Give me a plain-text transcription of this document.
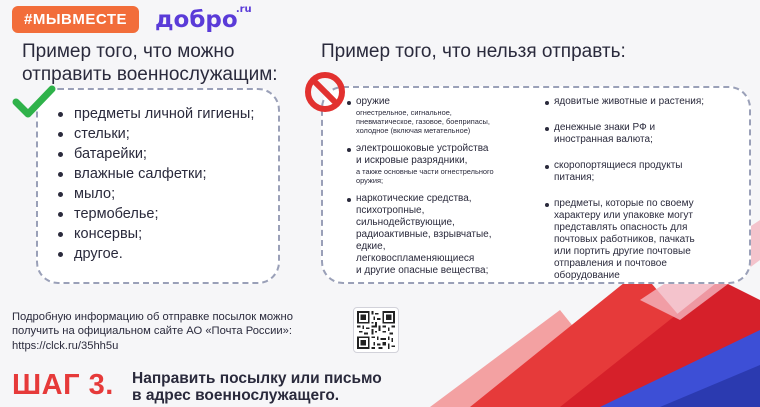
#МЫВМЕСТЕ	добро
.ru
Пример того, что можно
отправить военнослужащим:
предметы личной гигиены;
стельки;
батарейки;
влажные салфетки;
мыло;
термобелье;
консервы;
другое.
Пример того, что нельзя отправть:
оружие
огнестрельное, сигнальное,
пневматическое, газовое, боеприпасы,
холодное (включая метательное)
электрошоковые устройства
и искровые разрядники,
а также основные части огнестрельного
оружия;
наркотические средства,
психотропные,
сильнодействующие,
радиоактивные, взрывчатые,
едкие,
легковоспламеняющиеся
и другие опасные вещества;
ядовитые животные и растения;
денежные знаки РФ и
иностранная валюта;
скоропортящиеся продукты
питания;
предметы, которые по своему
характеру или упаковке могут
представлять опасность для
почтовых работников, пачкать
или портить другие почтовые
отправления и почтовое
оборудование
Подробную информацию об отправке посылок можно
получить на официальном сайте АО «Почта России»:
https://clck.ru/35hh5u
ШАГ 3. Направить посылку или письмо
в адрес военнослужащего.
